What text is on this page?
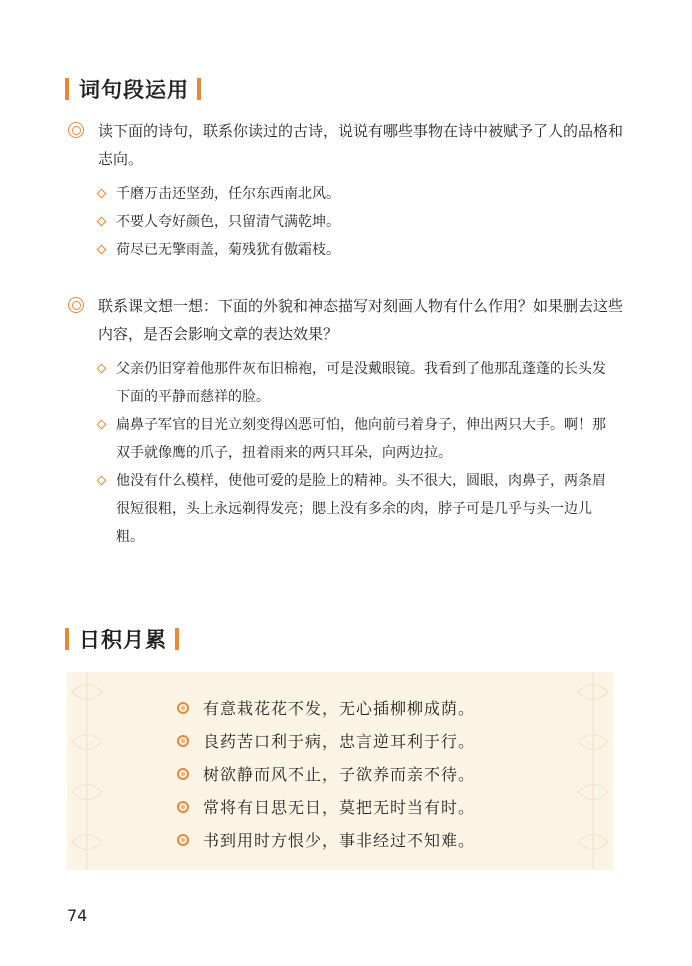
词句段运用
读下面的诗句，联系你读过的古诗，说说有哪些事物在诗中被赋予了人的品格和志向。
千磨万击还坚劲，任尔东西南北风。
不要人夸好颜色，只留清气满乾坤。
荷尽已无擎雨盖，菊残犹有傲霜枝。
联系课文想一想：下面的外貌和神态描写对刻画人物有什么作用？如果删去这些内容，是否会影响文章的表达效果？
父亲仍旧穿着他那件灰布旧棉袍，可是没戴眼镜。我看到了他那乱蓬蓬的长头发下面的平静而慈祥的脸。
扁鼻子军官的目光立刻变得凶恶可怕，他向前弓着身子，伸出两只大手。啊！那双手就像鹰的爪子，扭着雨来的两只耳朵，向两边拉。
他没有什么模样，使他可爱的是脸上的精神。头不很大，圆眼，肉鼻子，两条眉很短很粗，头上永远剃得发亮；腮上没有多余的肉，脖子可是几乎与头一边儿粗。
日积月累
有意栽花花不发，无心插柳柳成荫。
良药苦口利于病，忠言逆耳利于行。
树欲静而风不止，子欲养而亲不待。
常将有日思无日，莫把无时当有时。
书到用时方恨少，事非经过不知难。
74
